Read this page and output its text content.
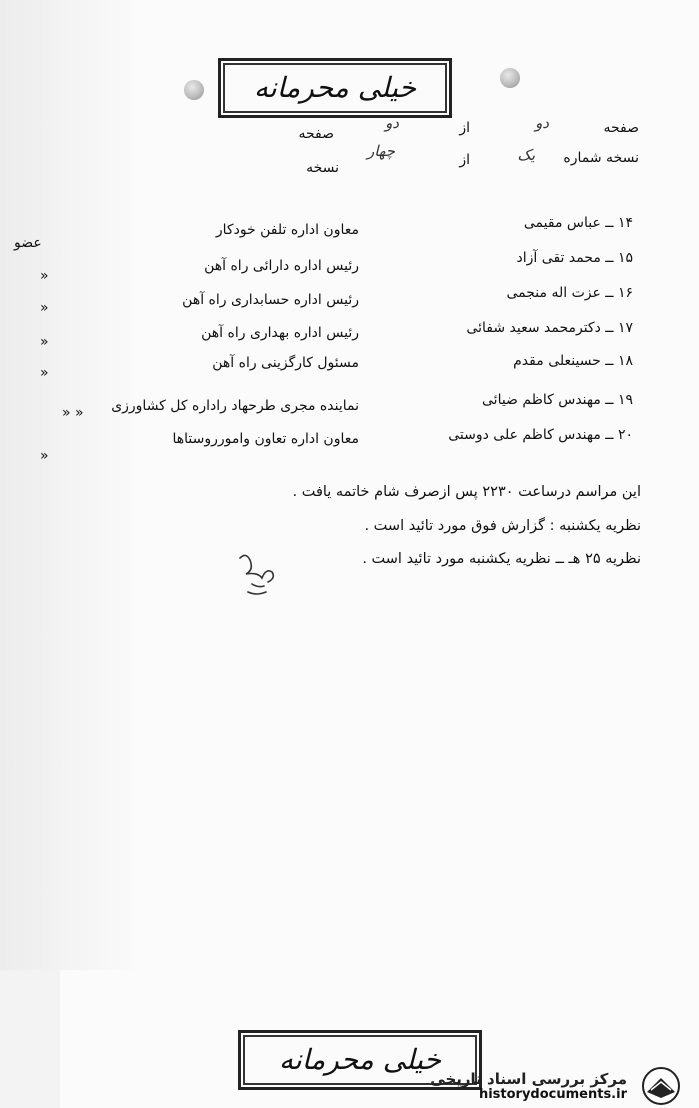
خیلی محرمانه
صفحه
دو
از
دو
صفحه
نسخه شماره
یک
از
چهار
نسخه
۱۴ ــ عباس مقیمی
معاون اداره تلفن خودکار
عضو
۱۵ ــ محمد تقی آزاد
رئیس اداره دارائی راه آهن
»
۱۶ ــ عزت اله منجمی
رئیس اداره حسابداری راه آهن
»
۱۷ ــ دکترمحمد سعید شفائی
رئیس اداره بهداری راه آهن
»
۱۸ ــ حسینعلی مقدم
مسئول کارگزینی راه آهن
»
۱۹ ــ مهندس کاظم ضیائی
نماینده مجری طرحهاد راداره کل کشاورزی
» »
۲۰ ــ مهندس کاظم علی دوستی
معاون اداره تعاون وامورروستاها
»
این مراسم درساعت ۲۲۳۰ پس ازصرف شام خاتمه یافت .
نظریه یکشنبه : گزارش فوق مورد تائید است .
نظریه ۲۵ هـ ــ نظریه یکشنبه مورد تائید است .
خیلی محرمانه
مرکز بررسی اسناد تاریخی
historydocuments.ir
